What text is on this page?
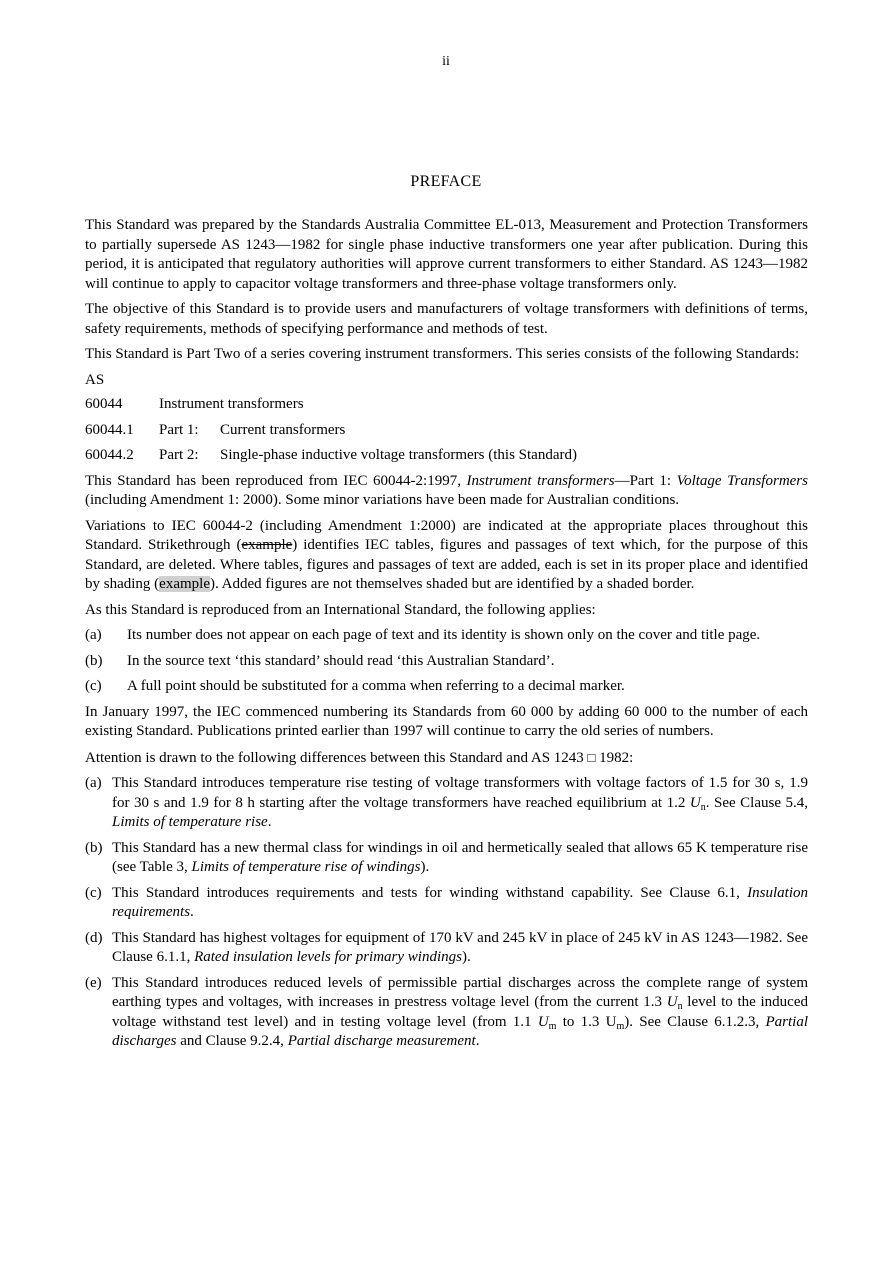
ii
PREFACE

This Standard was prepared by the Standards Australia Committee EL-013, Measurement and Protection Transformers to partially supersede AS 1243—1982 for single phase inductive transformers one year after publication. During this period, it is anticipated that regulatory authorities will approve current transformers to either Standard. AS 1243—1982 will continue to apply to capacitor voltage transformers and three-phase voltage transformers only.

The objective of this Standard is to provide users and manufacturers of voltage transformers with definitions of terms, safety requirements, methods of specifying performance and methods of test.

This Standard is Part Two of a series covering instrument transformers. This series consists of the following Standards:

AS

60044	Instrument transformers
60044.1	Part 1:	Current transformers
60044.2	Part 2:	Single-phase inductive voltage transformers (this Standard)

This Standard has been reproduced from IEC 60044-2:1997, Instrument transformers—Part 1: Voltage Transformers (including Amendment 1: 2000). Some minor variations have been made for Australian conditions.

Variations to IEC 60044-2 (including Amendment 1:2000) are indicated at the appropriate places throughout this Standard. Strikethrough (example) identifies IEC tables, figures and passages of text which, for the purpose of this Standard, are deleted. Where tables, figures and passages of text are added, each is set in its proper place and identified by shading (example). Added figures are not themselves shaded but are identified by a shaded border.

As this Standard is reproduced from an International Standard, the following applies:

(a)	Its number does not appear on each page of text and its identity is shown only on the cover and title page.
(b)	In the source text ‘this standard’ should read ‘this Australian Standard’.
(c)	A full point should be substituted for a comma when referring to a decimal marker.

In January 1997, the IEC commenced numbering its Standards from 60 000 by adding 60 000 to the number of each existing Standard. Publications printed earlier than 1997 will continue to carry the old series of numbers.

Attention is drawn to the following differences between this Standard and AS 1243 □ 1982:

(a) This Standard introduces temperature rise testing of voltage transformers with voltage factors of 1.5 for 30 s, 1.9 for 30 s and 1.9 for 8 h starting after the voltage transformers have reached equilibrium at 1.2 $U_n$. See Clause 5.4, Limits of temperature rise.
(b) This Standard has a new thermal class for windings in oil and hermetically sealed that allows 65 K temperature rise (see Table 3, Limits of temperature rise of windings).
(c) This Standard introduces requirements and tests for winding withstand capability. See Clause 6.1, Insulation requirements.
(d) This Standard has highest voltages for equipment of 170 kV and 245 kV in place of 245 kV in AS 1243—1982. See Clause 6.1.1, Rated insulation levels for primary windings).
(e) This Standard introduces reduced levels of permissible partial discharges across the complete range of system earthing types and voltages, with increases in prestress voltage level (from the current 1.3 $U_n$ level to the induced voltage withstand test level) and in testing voltage level (from 1.1 $U_m$ to 1.3 $U_m$). See Clause 6.1.2.3, Partial discharges and Clause 9.2.4, Partial discharge measurement.
